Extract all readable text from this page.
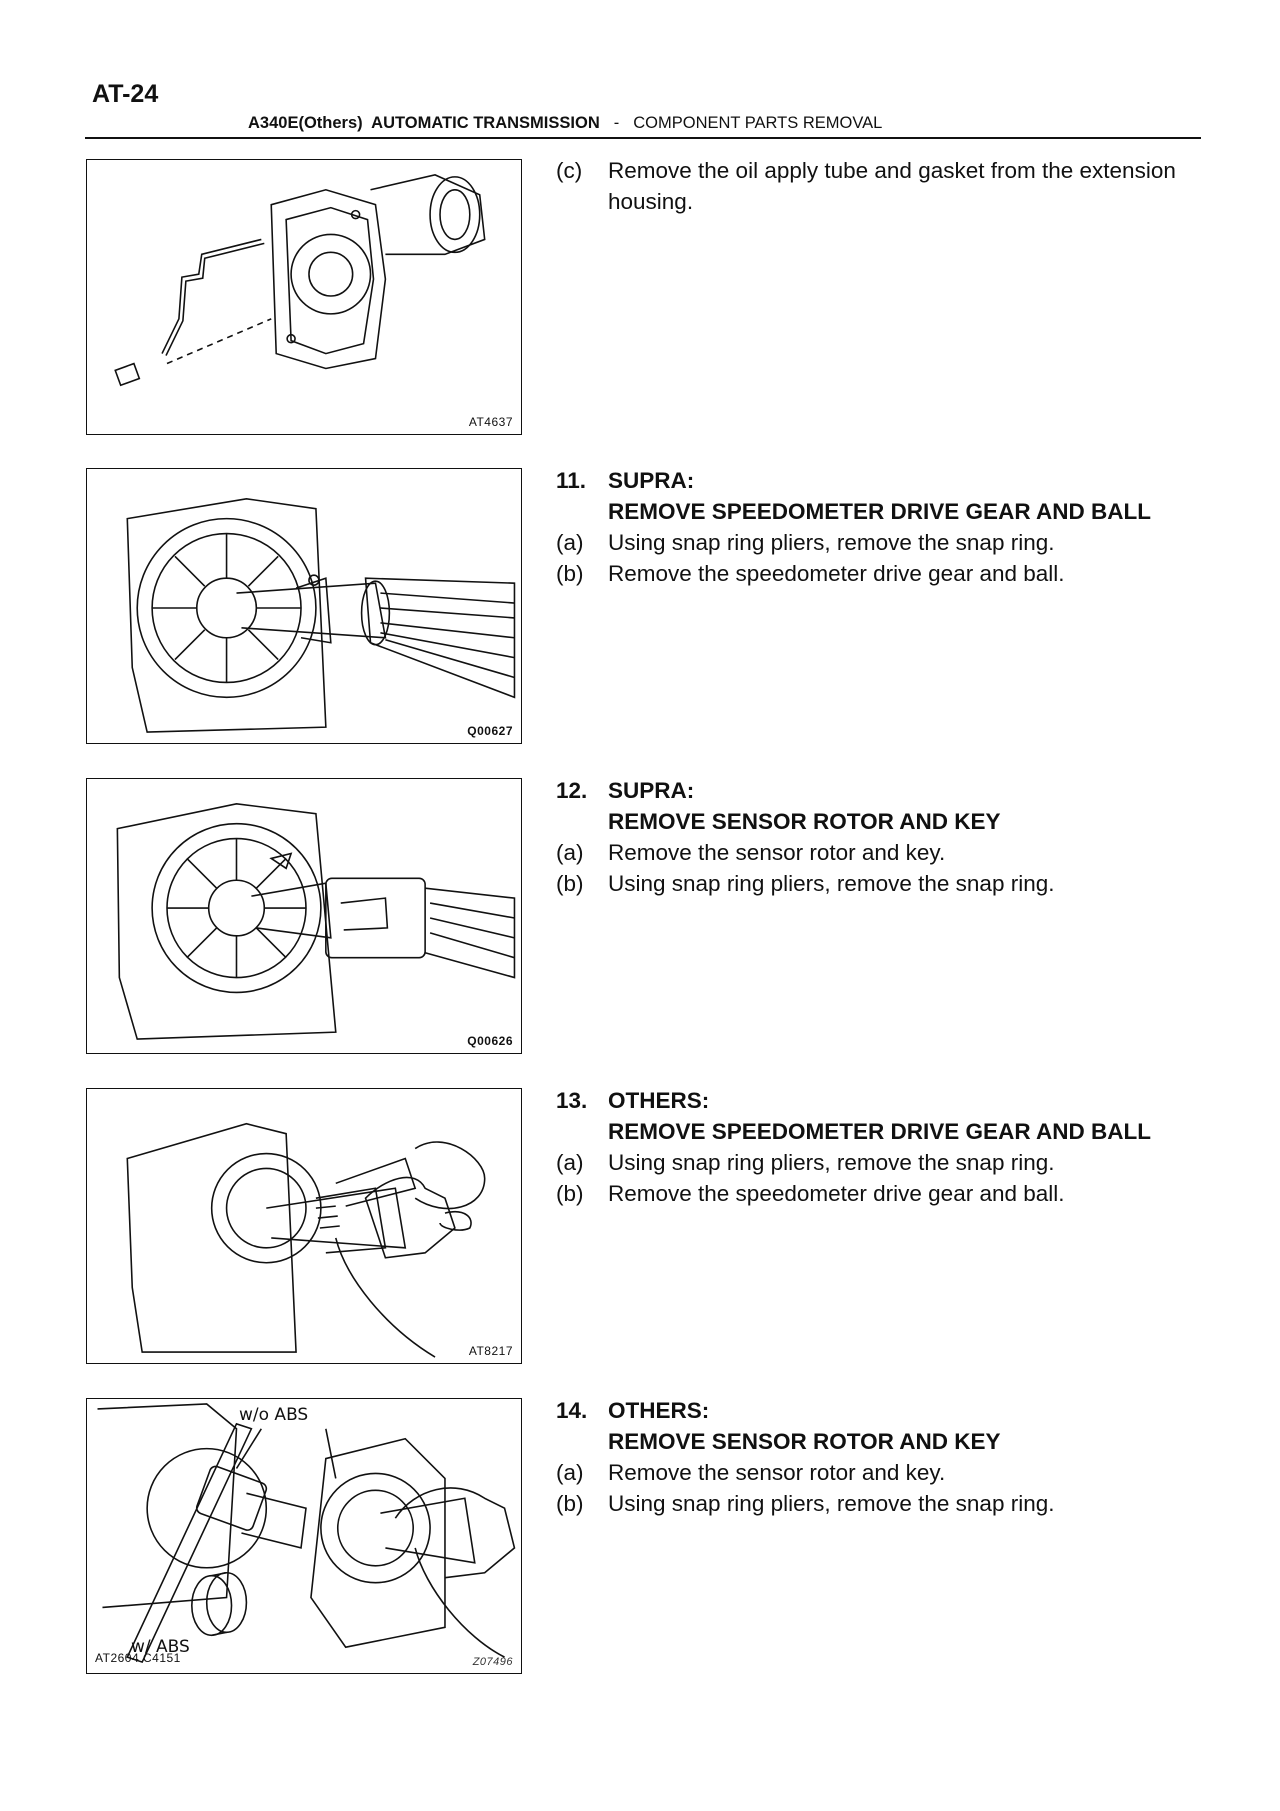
AT-24
A340E(Others)  AUTOMATIC TRANSMISSION - COMPONENT PARTS REMOVAL
AT4637
Q00627
Q00626
AT8217
w/o ABS
w/ ABS
AT2604 C4151	Z07496
(c) Remove the oil apply tube and gasket from the extension
housing.
11. SUPRA:
REMOVE SPEEDOMETER DRIVE GEAR AND BALL
(a) Using snap ring pliers, remove the snap ring.
(b) Remove the speedometer drive gear and ball.
12. SUPRA:
REMOVE SENSOR ROTOR AND KEY
(a) Remove the sensor rotor and key.
(b) Using snap ring pliers, remove the snap ring.
13. OTHERS:
REMOVE SPEEDOMETER DRIVE GEAR AND BALL
(a) Using snap ring pliers, remove the snap ring.
(b) Remove the speedometer drive gear and ball.
14. OTHERS:
REMOVE SENSOR ROTOR AND KEY
(a) Remove the sensor rotor and key.
(b) Using snap ring pliers, remove the snap ring.
